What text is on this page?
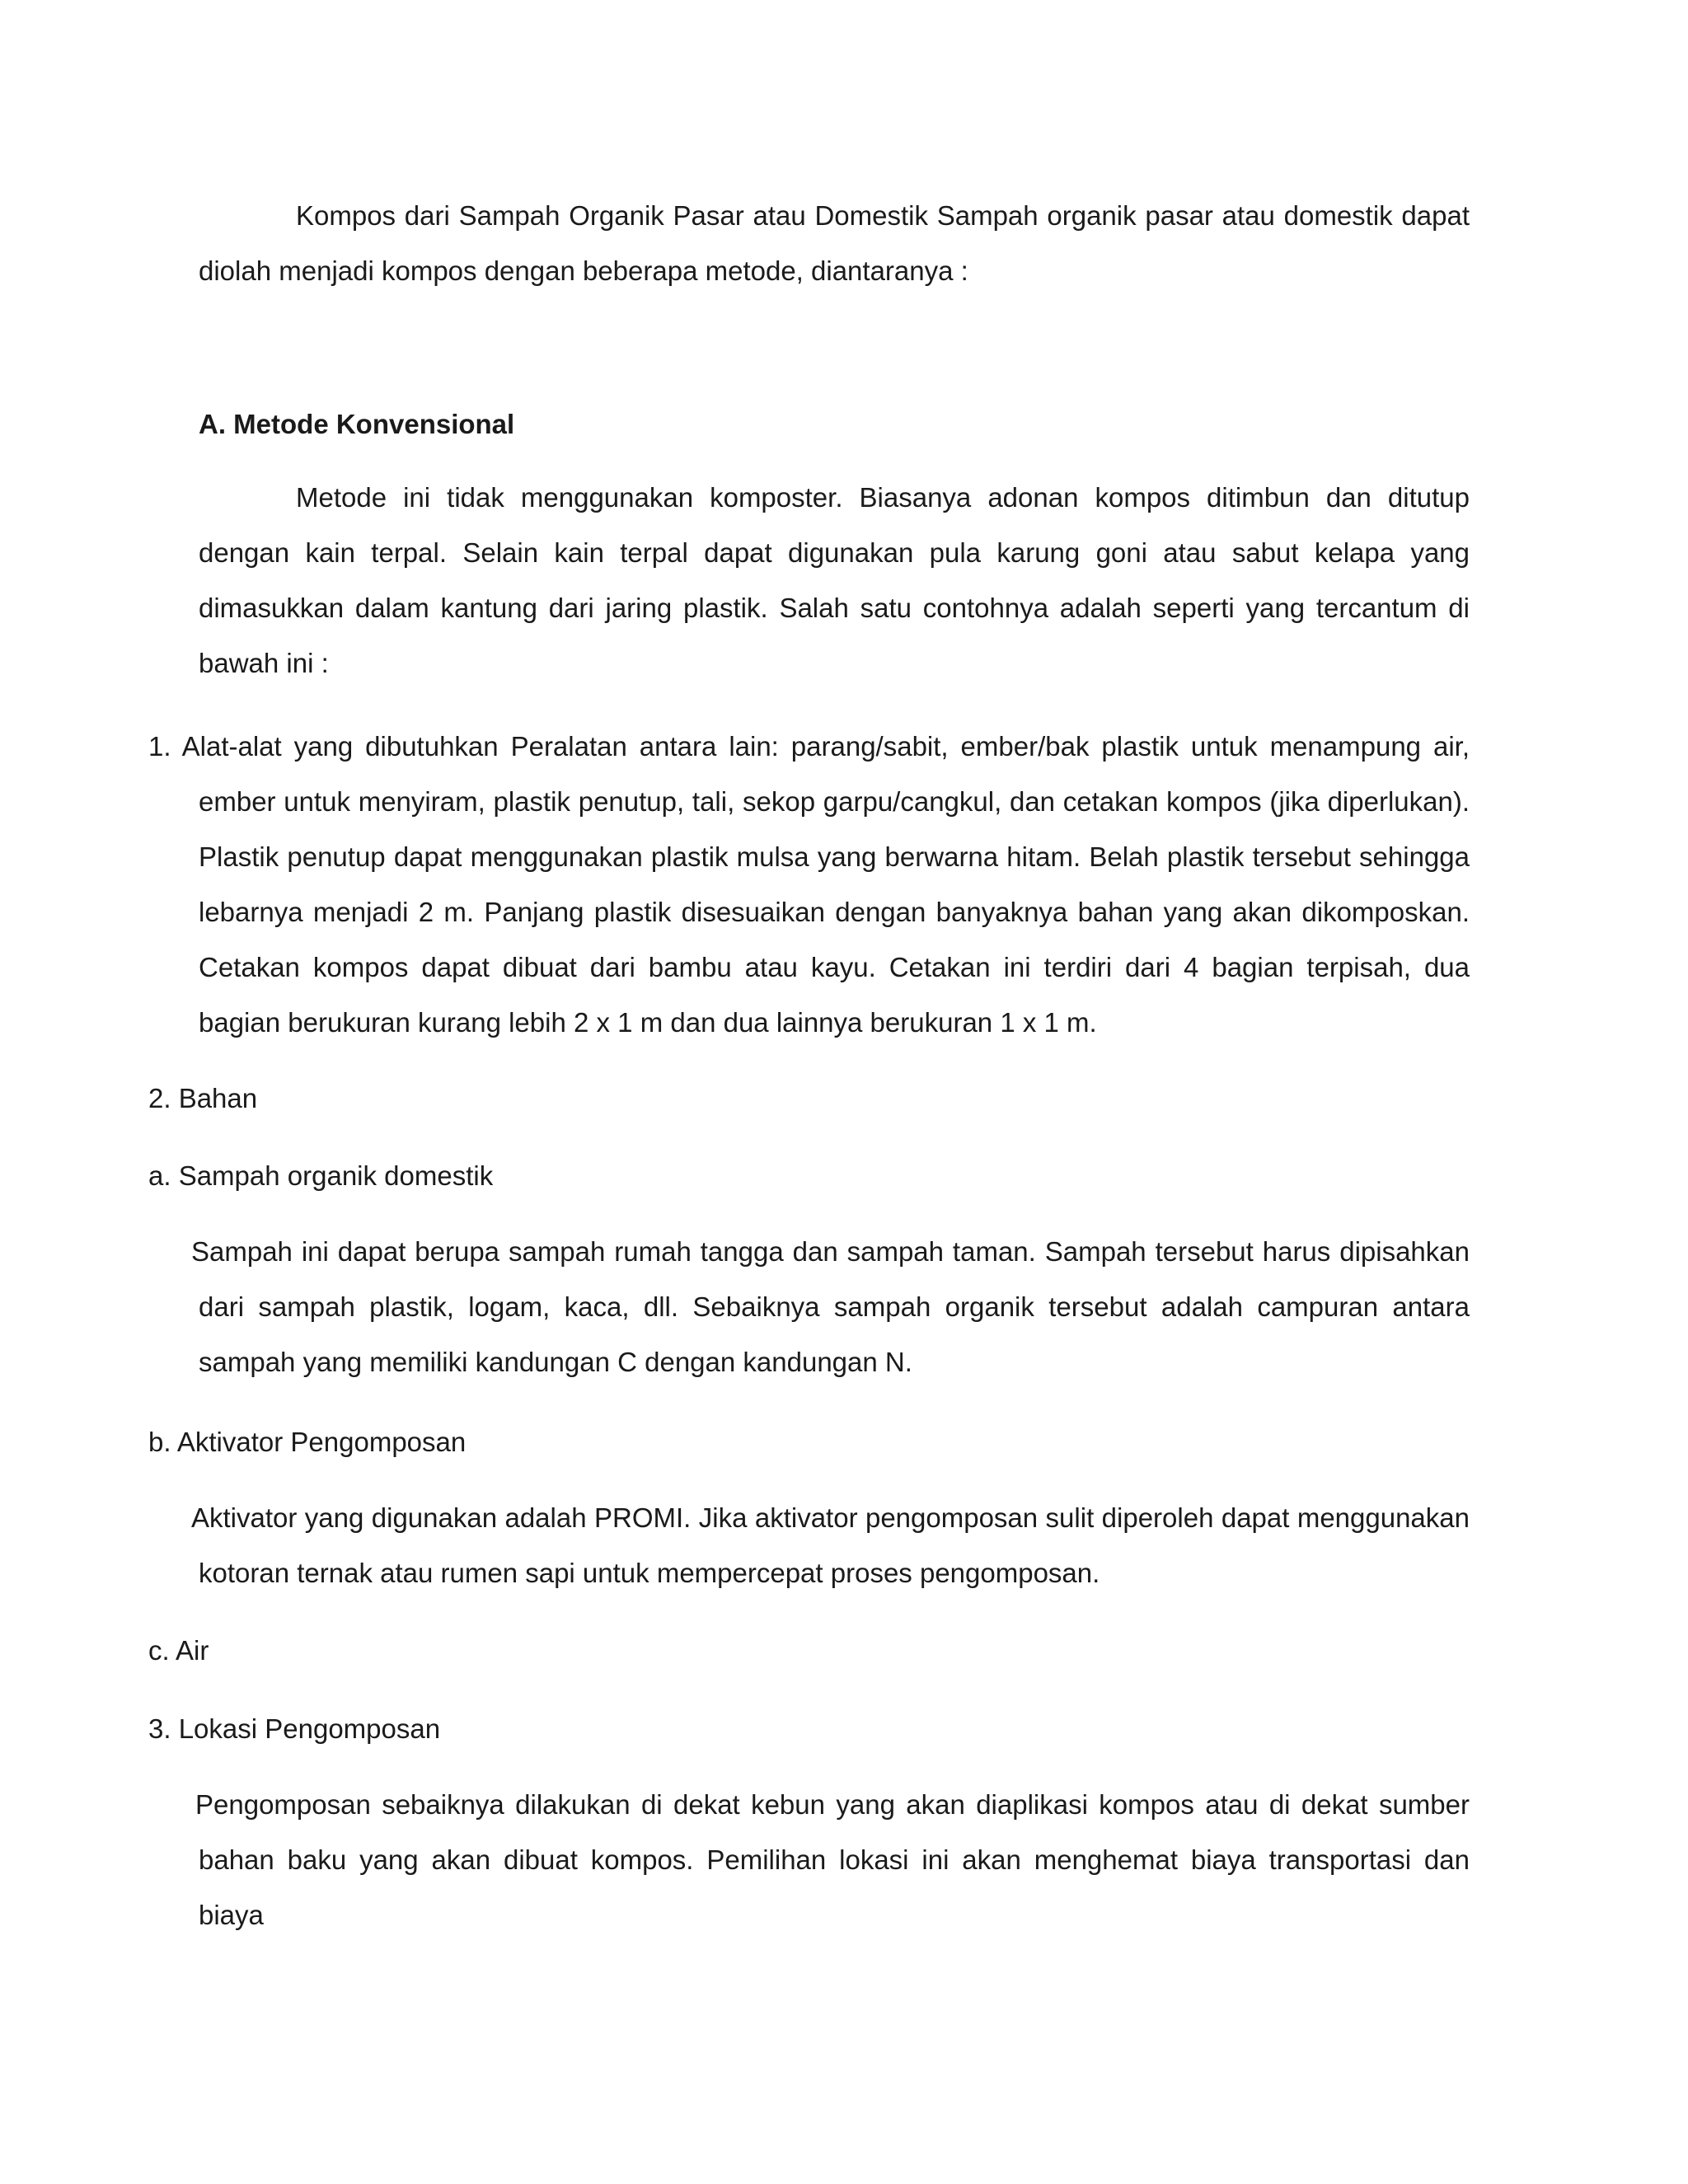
Kompos dari Sampah Organik Pasar atau Domestik Sampah organik pasar atau domestik dapat diolah menjadi kompos dengan beberapa metode, diantaranya :

A. Metode Konvensional

Metode ini tidak menggunakan komposter. Biasanya adonan kompos ditimbun dan ditutup dengan kain terpal. Selain kain terpal dapat digunakan pula karung goni atau sabut kelapa yang dimasukkan dalam kantung dari jaring plastik. Salah satu contohnya adalah seperti yang tercantum di bawah ini :

1. Alat-alat yang dibutuhkan Peralatan antara lain: parang/sabit, ember/bak plastik untuk menampung air, ember untuk menyiram, plastik penutup, tali, sekop garpu/cangkul, dan cetakan kompos (jika diperlukan). Plastik penutup dapat menggunakan plastik mulsa yang berwarna hitam. Belah plastik tersebut sehingga lebarnya menjadi 2 m. Panjang plastik disesuaikan dengan banyaknya bahan yang akan dikomposkan. Cetakan kompos dapat dibuat dari bambu atau kayu. Cetakan ini terdiri dari 4 bagian terpisah, dua bagian berukuran kurang lebih 2 x 1 m dan dua lainnya berukuran 1 x 1 m.

2. Bahan
a. Sampah organik domestik

Sampah ini dapat berupa sampah rumah tangga dan sampah taman. Sampah tersebut harus dipisahkan dari sampah plastik, logam, kaca, dll. Sebaiknya sampah organik tersebut adalah campuran antara sampah yang memiliki kandungan C dengan kandungan N.

b. Aktivator Pengomposan

Aktivator yang digunakan adalah PROMI. Jika aktivator pengomposan sulit diperoleh dapat menggunakan kotoran ternak atau rumen sapi untuk mempercepat proses pengomposan.

c. Air
3. Lokasi Pengomposan

Pengomposan sebaiknya dilakukan di dekat kebun yang akan diaplikasi kompos atau di dekat sumber bahan baku yang akan dibuat kompos. Pemilihan lokasi ini akan menghemat biaya transportasi dan biaya
